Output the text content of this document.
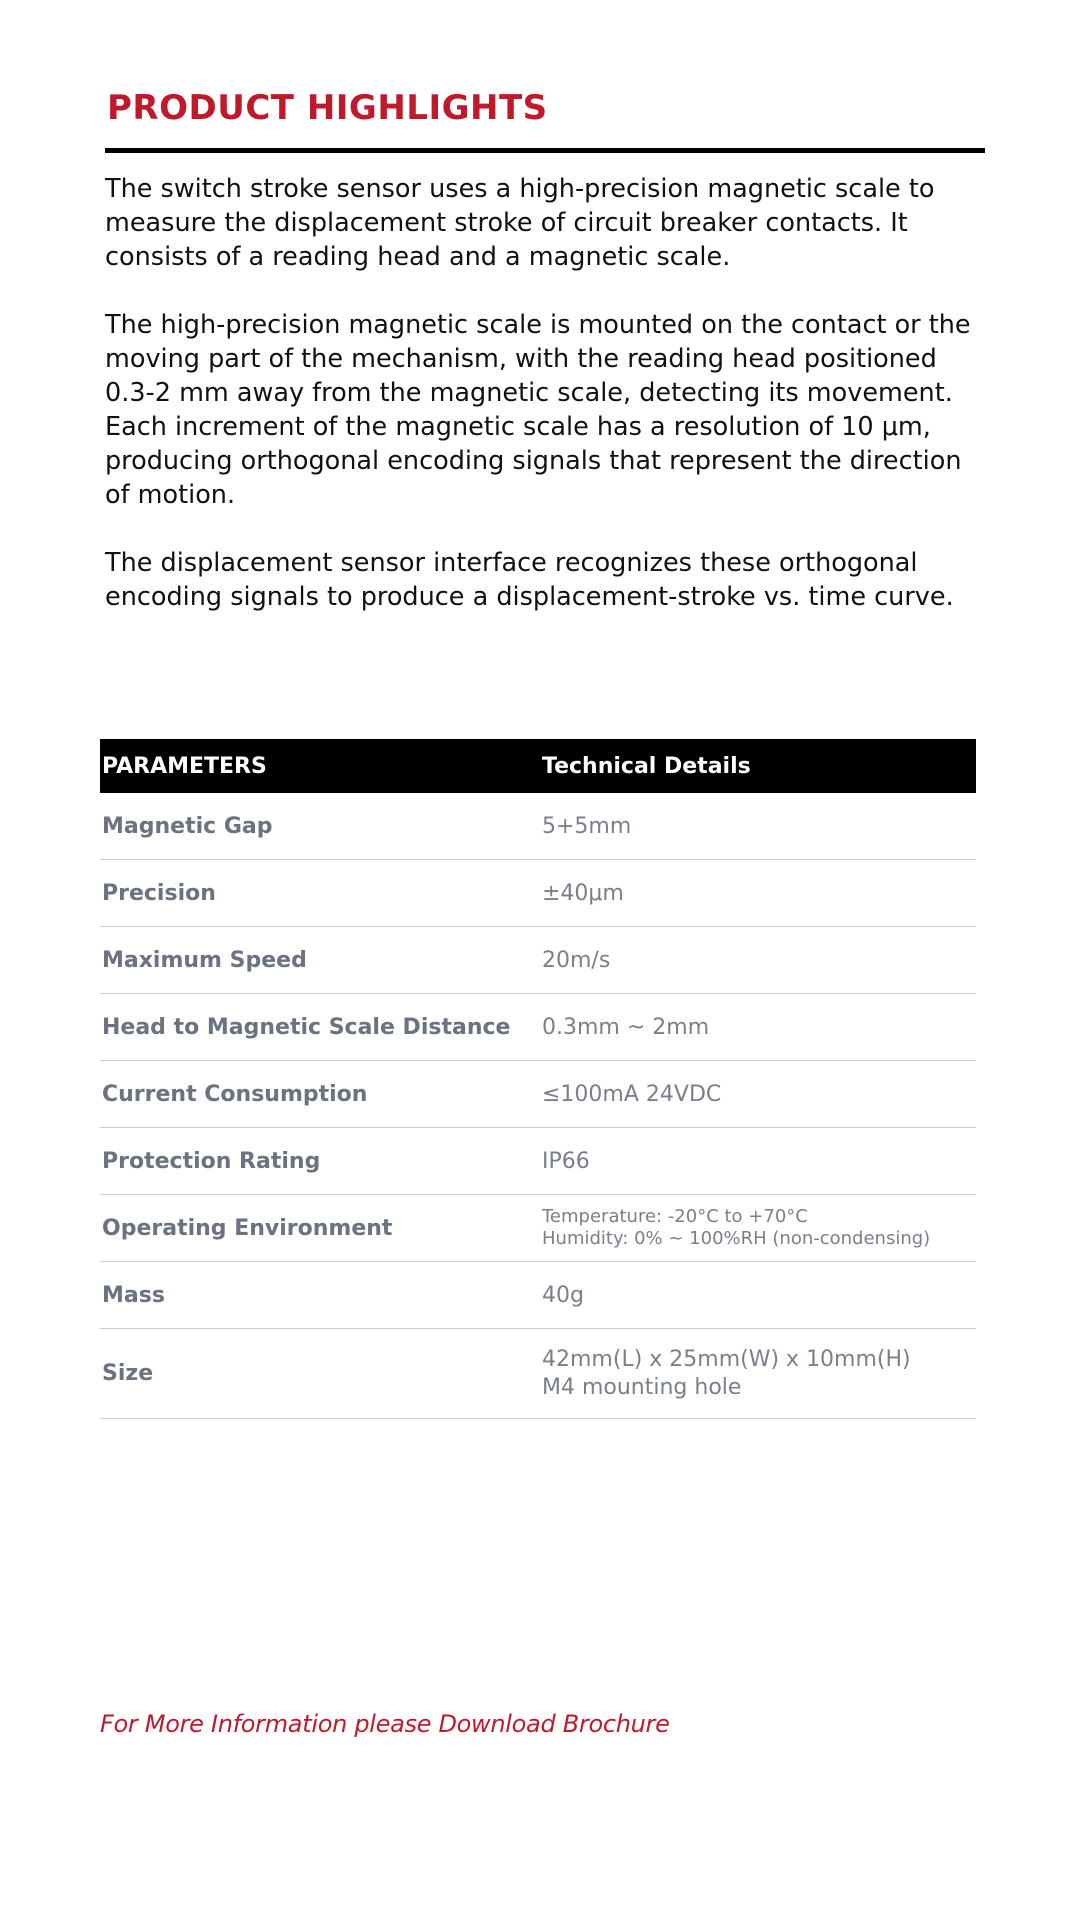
PRODUCT HIGHLIGHTS

The switch stroke sensor uses a high-precision magnetic scale to measure the displacement stroke of circuit breaker contacts. It consists of a reading head and a magnetic scale.

The high-precision magnetic scale is mounted on the contact or the moving part of the mechanism, with the reading head positioned 0.3-2 mm away from the magnetic scale, detecting its movement. Each increment of the magnetic scale has a resolution of 10 μm, producing orthogonal encoding signals that represent the direction of motion.

The displacement sensor interface recognizes these orthogonal encoding signals to produce a displacement-stroke vs. time curve.

PARAMETERS	Technical Details
Magnetic Gap	5+5mm
Precision	±40μm
Maximum Speed	20m/s
Head to Magnetic Scale Distance	0.3mm ~ 2mm
Current Consumption	≤100mA 24VDC
Protection Rating	IP66
Operating Environment	Temperature: -20°C to +70°C
Humidity: 0% ~ 100%RH (non-condensing)

Mass	40g
Size	42mm(L) x 25mm(W) x 10mm(H)
M4 mounting hole
For More Information please Download Brochure
